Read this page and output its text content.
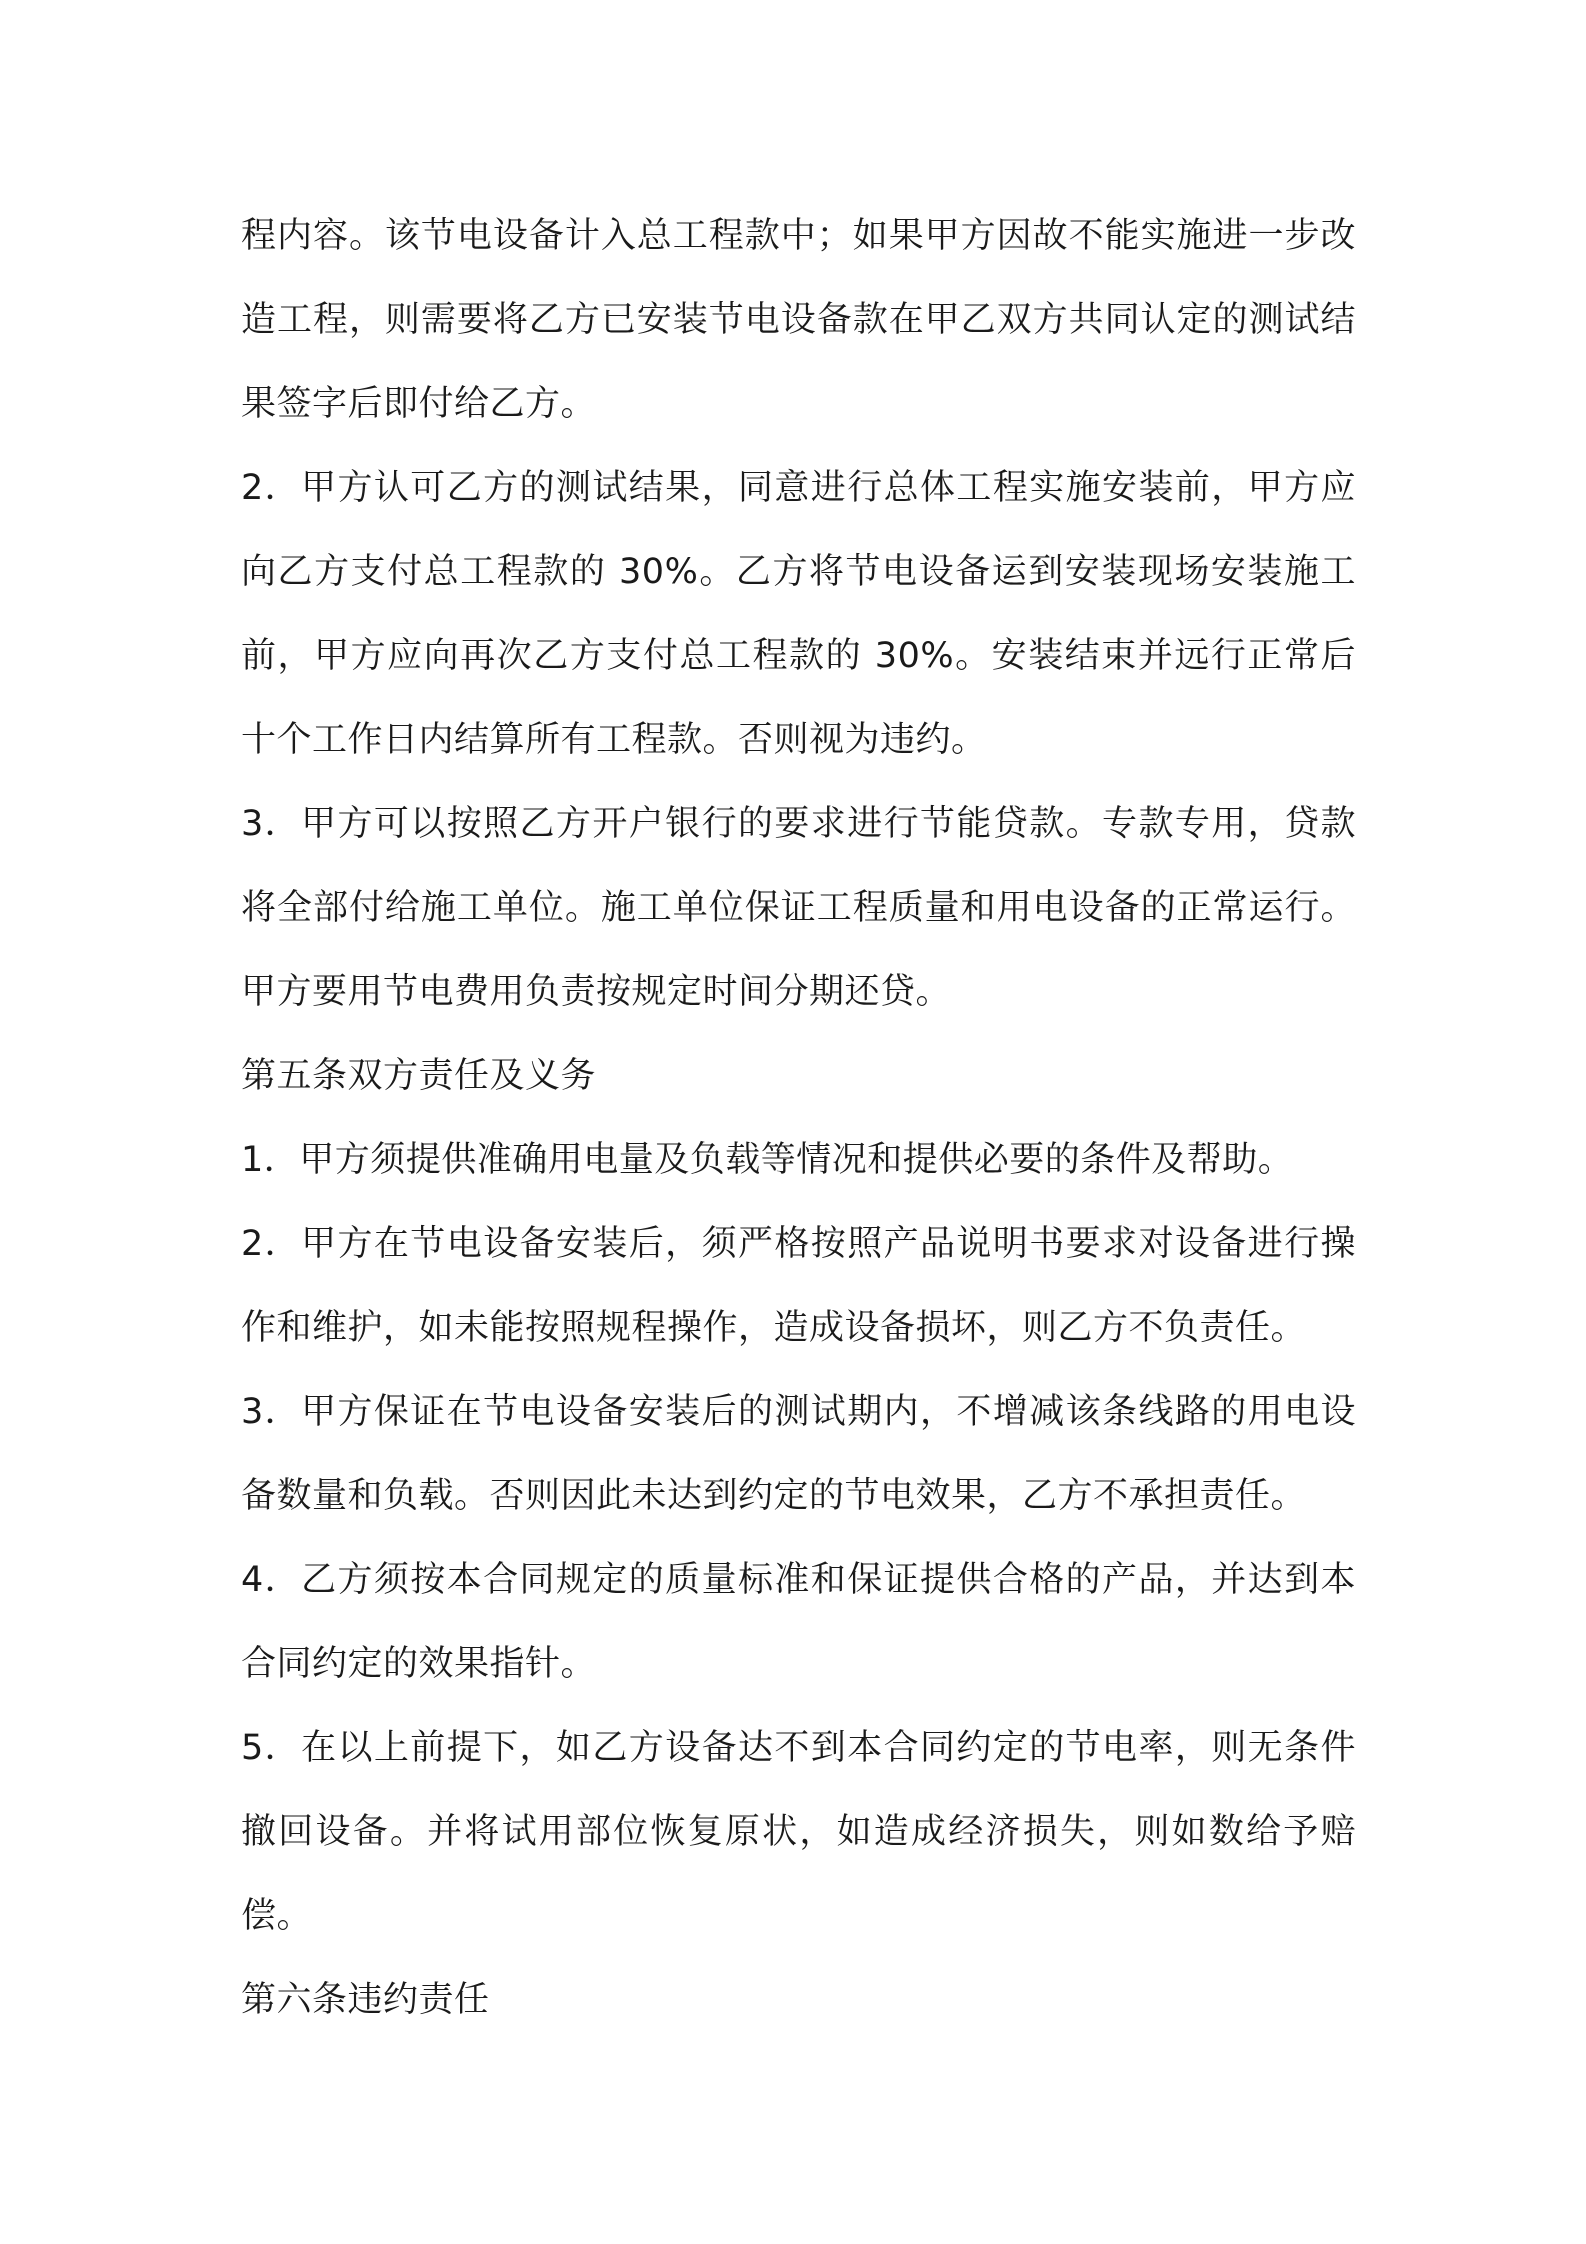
程内容。该节电设备计入总工程款中；如果甲方因故不能实施进一步改造工程，则需要将乙方已安装节电设备款在甲乙双方共同认定的测试结果签字后即付给乙方。

2．甲方认可乙方的测试结果，同意进行总体工程实施安装前，甲方应向乙方支付总工程款的 30%。乙方将节电设备运到安装现场安装施工前，甲方应向再次乙方支付总工程款的 30%。安装结束并远行正常后十个工作日内结算所有工程款。否则视为违约。

3．甲方可以按照乙方开户银行的要求进行节能贷款。专款专用，贷款将全部付给施工单位。施工单位保证工程质量和用电设备的正常运行。甲方要用节电费用负责按规定时间分期还贷。

第五条双方责任及义务

1．甲方须提供准确用电量及负载等情况和提供必要的条件及帮助。

2．甲方在节电设备安装后，须严格按照产品说明书要求对设备进行操作和维护，如未能按照规程操作，造成设备损坏，则乙方不负责任。

3．甲方保证在节电设备安装后的测试期内，不增减该条线路的用电设备数量和负载。否则因此未达到约定的节电效果，乙方不承担责任。

4．乙方须按本合同规定的质量标准和保证提供合格的产品，并达到本合同约定的效果指针。

5．在以上前提下，如乙方设备达不到本合同约定的节电率，则无条件撤回设备。并将试用部位恢复原状，如造成经济损失，则如数给予赔偿。

第六条违约责任
